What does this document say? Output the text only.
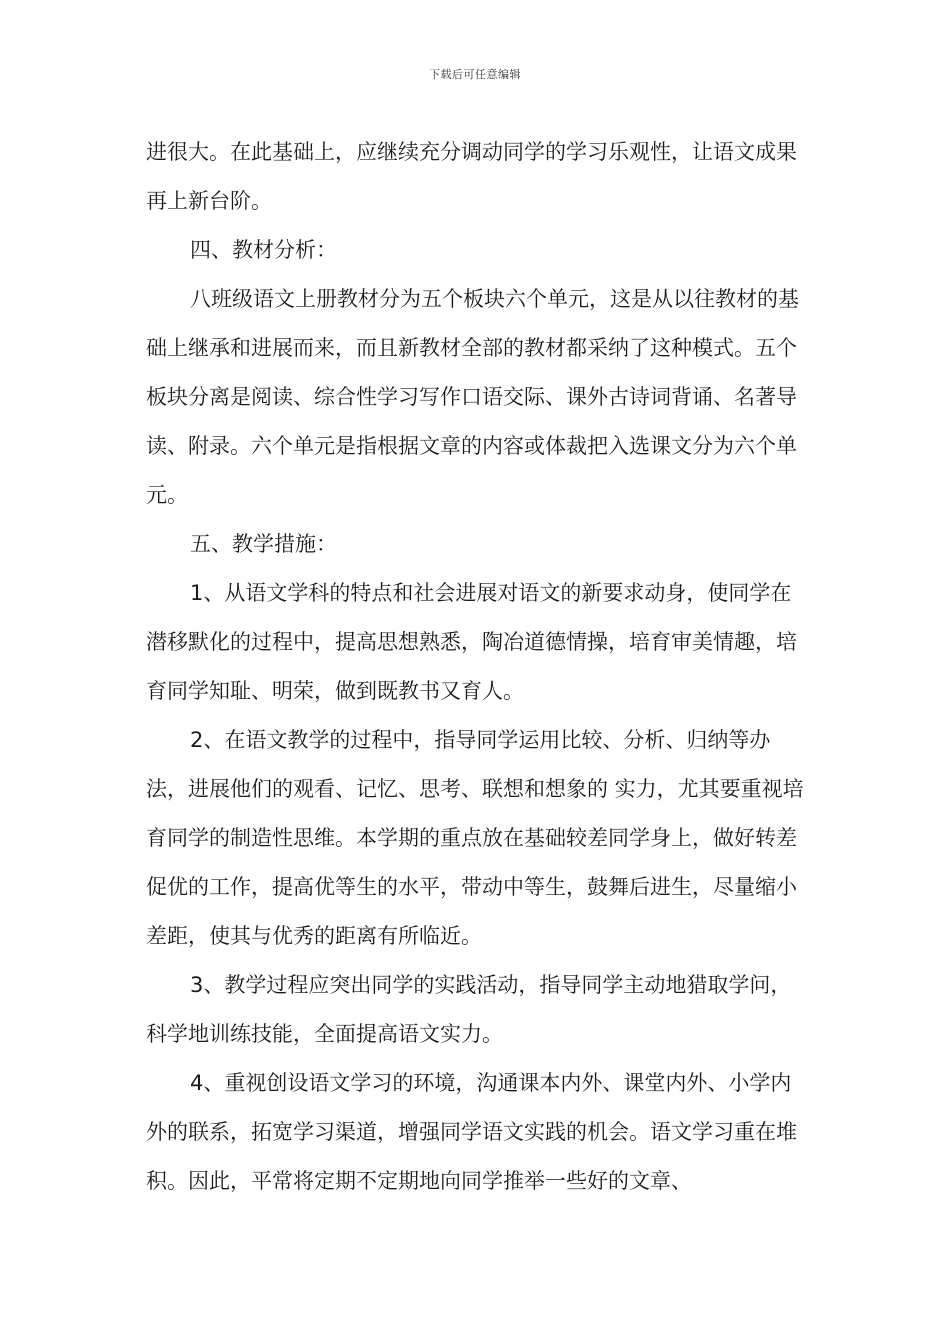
下载后可任意编辑

进很大。在此基础上，应继续充分调动同学的学习乐观性，让语文成果再上新台阶。

四、教材分析：

八班级语文上册教材分为五个板块六个单元，这是从以往教材的基础上继承和进展而来，而且新教材全部的教材都采纳了这种模式。五个板块分离是阅读、综合性学习写作口语交际、课外古诗词背诵、名著导读、附录。六个单元是指根据文章的内容或体裁把入选课文分为六个单元。

五、教学措施：

1、从语文学科的特点和社会进展对语文的新要求动身，使同学在潜移默化的过程中，提高思想熟悉，陶冶道德情操，培育审美情趣，培育同学知耻、明荣，做到既教书又育人。

2、在语文教学的过程中，指导同学运用比较、分析、归纳等办法，进展他们的观看、记忆、思考、联想和想象的 实力，尤其要重视培育同学的制造性思维。本学期的重点放在基础较差同学身上，做好转差促优的工作，提高优等生的水平，带动中等生，鼓舞后进生，尽量缩小差距，使其与优秀的距离有所临近。

3、教学过程应突出同学的实践活动，指导同学主动地猎取学问，科学地训练技能，全面提高语文实力。

4、重视创设语文学习的环境，沟通课本内外、课堂内外、小学内外的联系，拓宽学习渠道，增强同学语文实践的机会。语文学习重在堆积。因此，平常将定期不定期地向同学推举一些好的文章、
